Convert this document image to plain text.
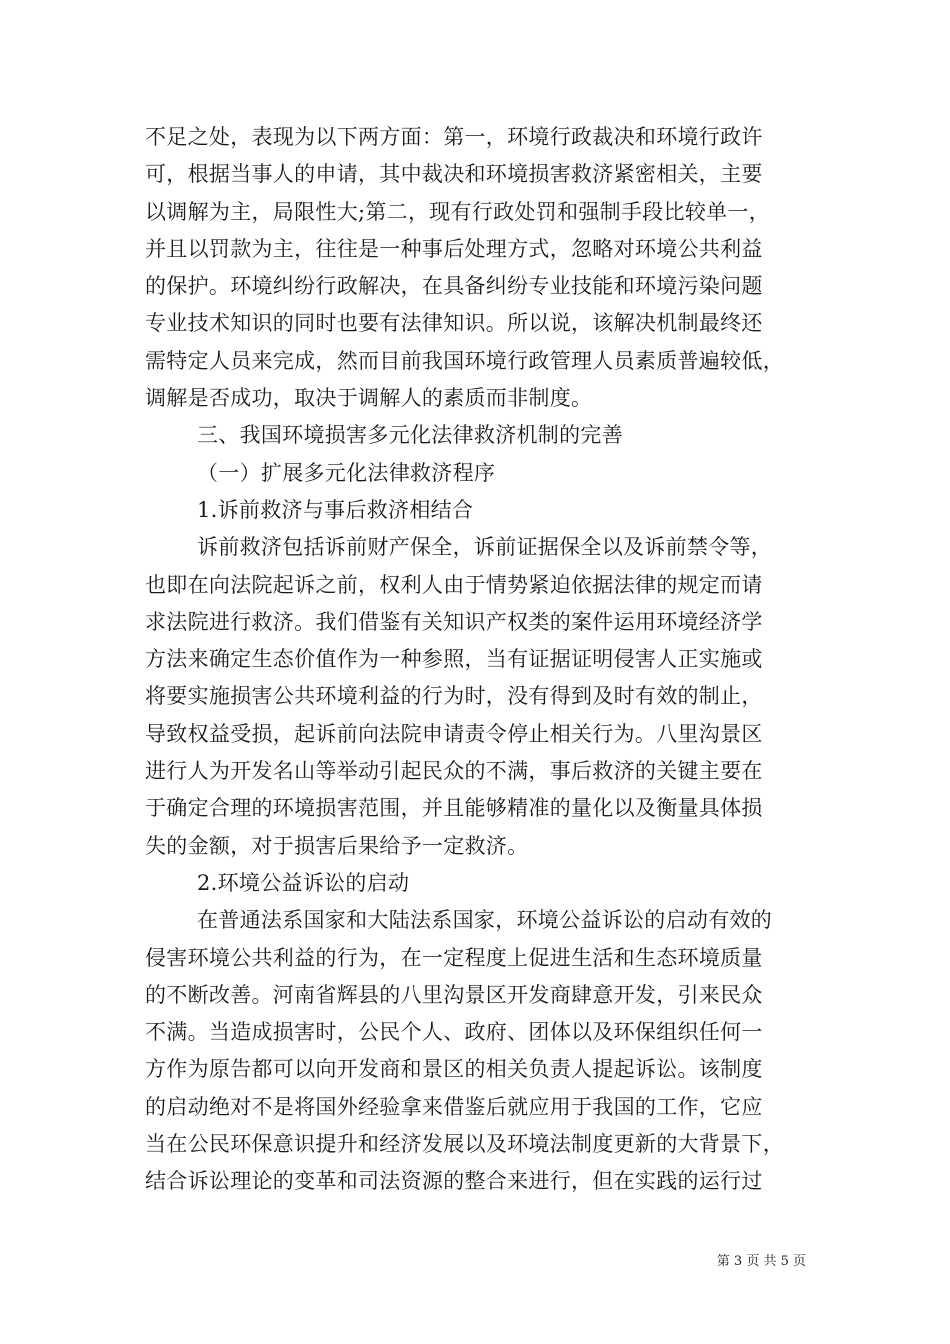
不足之处，表现为以下两方面：第一，环境行政裁决和环境行政许
可，根据当事人的申请，其中裁决和环境损害救济紧密相关，主要
以调解为主，局限性大;第二，现有行政处罚和强制手段比较单一，
并且以罚款为主，往往是一种事后处理方式，忽略对环境公共利益
的保护。环境纠纷行政解决，在具备纠纷专业技能和环境污染问题
专业技术知识的同时也要有法律知识。所以说，该解决机制最终还
需特定人员来完成，然而目前我国环境行政管理人员素质普遍较低，
调解是否成功，取决于调解人的素质而非制度。
三、我国环境损害多元化法律救济机制的完善
（一）扩展多元化法律救济程序
1.诉前救济与事后救济相结合
诉前救济包括诉前财产保全，诉前证据保全以及诉前禁令等，
也即在向法院起诉之前，权利人由于情势紧迫依据法律的规定而请
求法院进行救济。我们借鉴有关知识产权类的案件运用环境经济学
方法来确定生态价值作为一种参照，当有证据证明侵害人正实施或
将要实施损害公共环境利益的行为时，没有得到及时有效的制止，
导致权益受损，起诉前向法院申请责令停止相关行为。八里沟景区
进行人为开发名山等举动引起民众的不满，事后救济的关键主要在
于确定合理的环境损害范围，并且能够精准的量化以及衡量具体损
失的金额，对于损害后果给予一定救济。
2.环境公益诉讼的启动
在普通法系国家和大陆法系国家，环境公益诉讼的启动有效的
侵害环境公共利益的行为，在一定程度上促进生活和生态环境质量
的不断改善。河南省辉县的八里沟景区开发商肆意开发，引来民众
不满。当造成损害时，公民个人、政府、团体以及环保组织任何一
方作为原告都可以向开发商和景区的相关负责人提起诉讼。该制度
的启动绝对不是将国外经验拿来借鉴后就应用于我国的工作，它应
当在公民环保意识提升和经济发展以及环境法制度更新的大背景下，
结合诉讼理论的变革和司法资源的整合来进行，但在实践的运行过
第 3 页 共 5 页
